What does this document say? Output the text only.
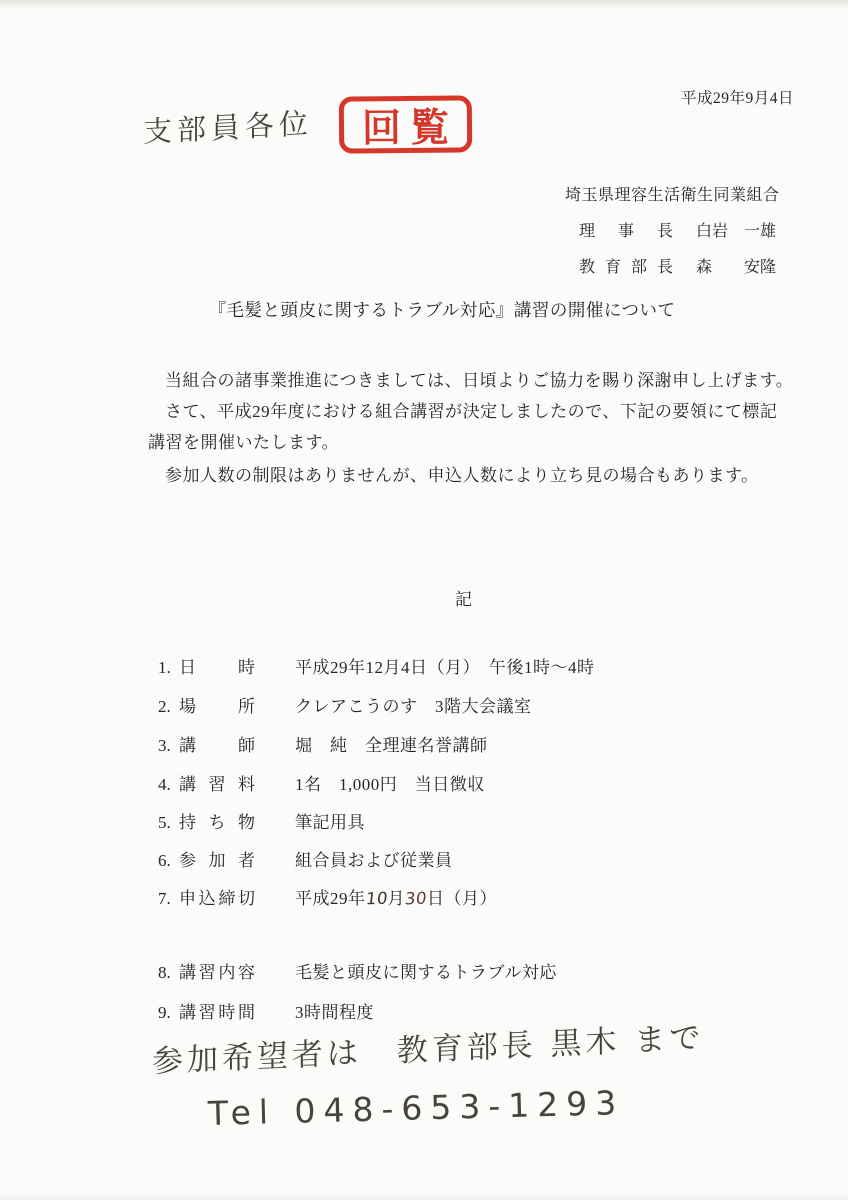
平成29年9月4日
支部員各位	回覧
埼玉県理容生活衛生同業組合
理事長 白岩　一雄
教育部長 森　　安隆
『毛髪と頭皮に関するトラブル対応』講習の開催について
当組合の諸事業推進につきましては、日頃よりご協力を賜り深謝申し上げます。
さて、平成29年度における組合講習が決定しましたので、下記の要領にて標記
講習を開催いたします。
参加人数の制限はありませんが、申込人数により立ち見の場合もあります。
記
1. 日時 平成29年12月4日（月）　午後1時～4時
2. 場所 クレアこうのす　3階大会議室
3. 講師 堀　純　全理連名誉講師
4. 講習料 1名　1,000円　当日徴収
5. 持ち物 筆記用具
6. 参加者 組合員および従業員
7. 申込締切 平成29年10月30日（月）
8. 講習内容 毛髪と頭皮に関するトラブル対応
9. 講習時間 3時間程度
参加希望者は　教育部長 黒木 まで
Tel 048-653-1293
